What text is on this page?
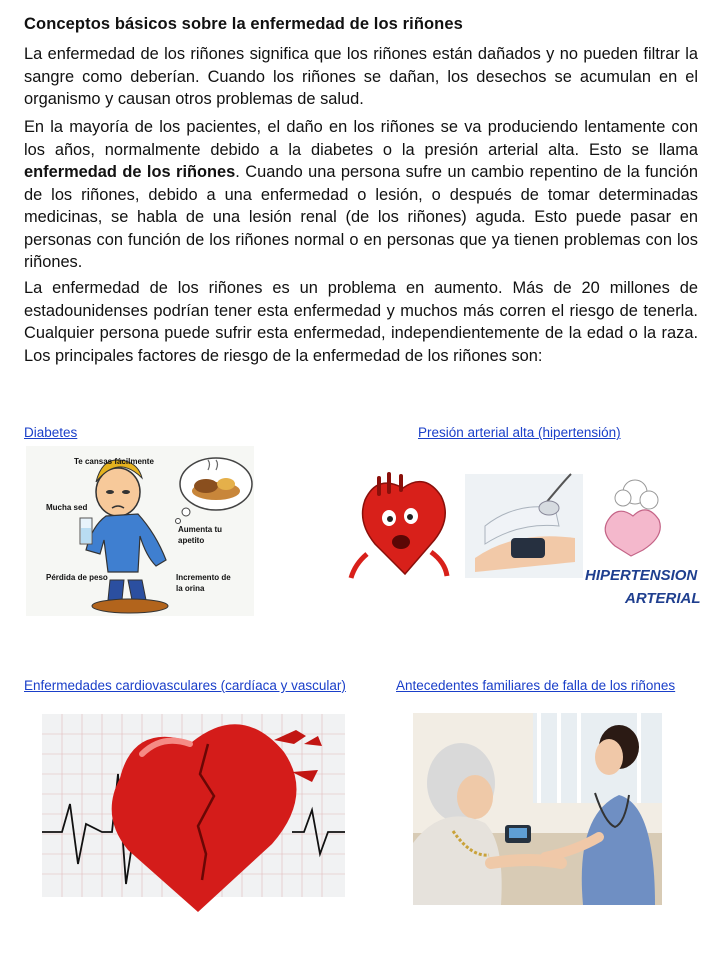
Conceptos básicos sobre la enfermedad de los riñones

La enfermedad de los riñones significa que los riñones están dañados y no pueden filtrar la sangre como deberían. Cuando los riñones se dañan, los desechos se acumulan en el organismo y causan otros problemas de salud.

En la mayoría de los pacientes, el daño en los riñones se va produciendo lentamente con los años, normalmente debido a la diabetes o la presión arterial alta. Esto se llama enfermedad de los riñones. Cuando una persona sufre un cambio repentino de la función de los riñones, debido a una enfermedad o lesión, o después de tomar determinadas medicinas, se habla de una lesión renal (de los riñones) aguda. Esto puede pasar en personas con función de los riñones normal o en personas que ya tienen problemas con los riñones.

La enfermedad de los riñones es un problema en aumento. Más de 20 millones de estadounidenses podrían tener esta enfermedad y muchos más corren el riesgo de tenerla. Cualquier persona puede sufrir esta enfermedad, independientemente de la edad o la raza. Los principales factores de riesgo de la enfermedad de los riñones son:

Diabetes	Presión arterial alta (hipertensión)
Enfermedades cardiovasculares (cardíaca y vascular)	Antecedentes familiares de falla de los riñones
Te cansas fácilmente
Mucha sed
Aumenta tu
apetito
Pérdida de peso	Incremento de
la orina
HIPERTENSION
ARTERIAL
